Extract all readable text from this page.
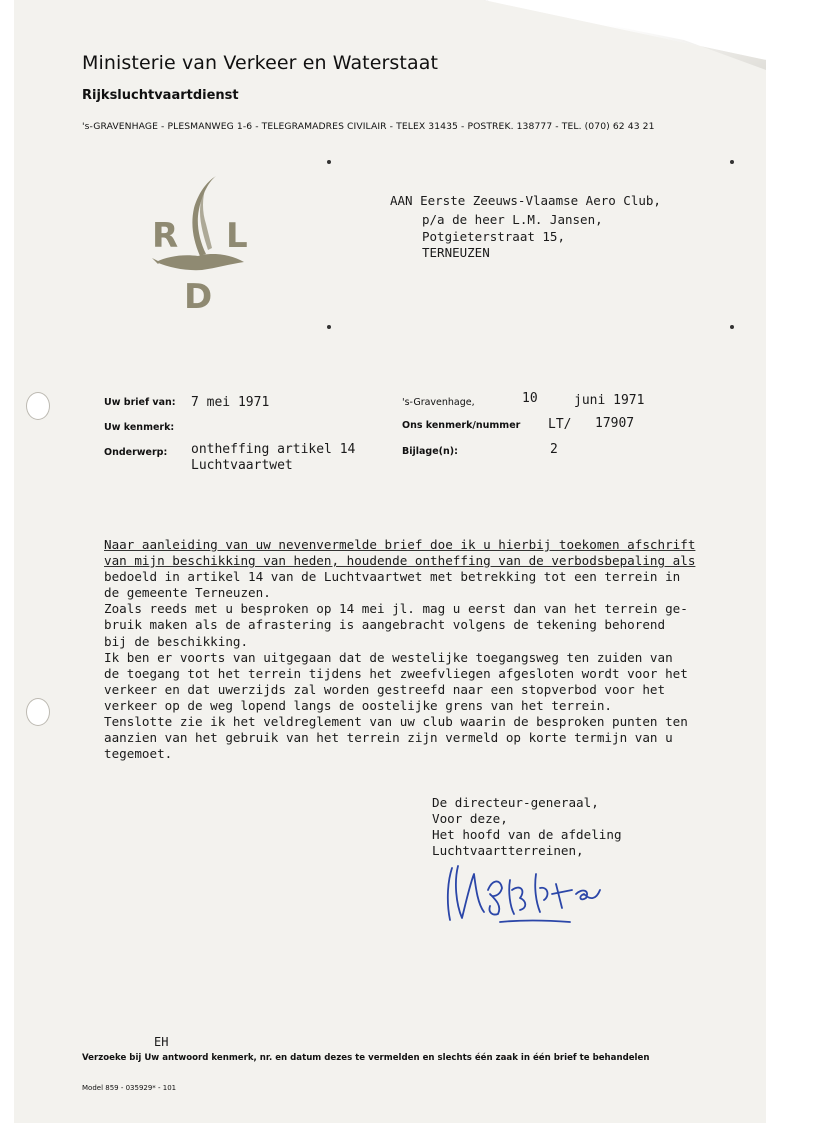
Ministerie van Verkeer en Waterstaat
Rijksluchtvaartdienst
's-GRAVENHAGE - PLESMANWEG 1-6 - TELEGRAMADRES CIVILAIR - TELEX 31435 - POSTREK. 138777 - TEL. (070) 62 43 21
R L
D
AAN Eerste Zeeuws-Vlaamse Aero Club,
p/a de heer L.M. Jansen,
Potgieterstraat 15,
TERNEUZEN
Uw brief van: 7 mei 1971
Uw kenmerk:
Onderwerp: ontheffing artikel 14
Luchtvaartwet
's-Gravenhage,	10	juni 1971
Ons kenmerk/nummer LT/ 17907
Bijlage(n):	2

Naar aanleiding van uw nevenvermelde brief doe ik u hierbij toekomen afschrift

van mijn beschikking van heden, houdende ontheffing van de verbodsbepaling als

bedoeld in artikel 14 van de Luchtvaartwet met betrekking tot een terrein in

de gemeente Terneuzen.

Zoals reeds met u besproken op 14 mei jl. mag u eerst dan van het terrein ge-

bruik maken als de afrastering is aangebracht volgens de tekening behorend

bij de beschikking.

Ik ben er voorts van uitgegaan dat de westelijke toegangsweg ten zuiden van

de toegang tot het terrein tijdens het zweefvliegen afgesloten wordt voor het

verkeer en dat uwerzijds zal worden gestreefd naar een stopverbod voor het

verkeer op de weg lopend langs de oostelijke grens van het terrein.

Tenslotte zie ik het veldreglement van uw club waarin de besproken punten ten

aanzien van het gebruik van het terrein zijn vermeld op korte termijn van u

tegemoet.

De directeur-generaal,
Voor deze,
Het hoofd van de afdeling
Luchtvaartterreinen,
EH
Verzoeke bij Uw antwoord kenmerk, nr. en datum dezes te vermelden en slechts één zaak in één brief te behandelen
Model 859 - 035929* - 101
